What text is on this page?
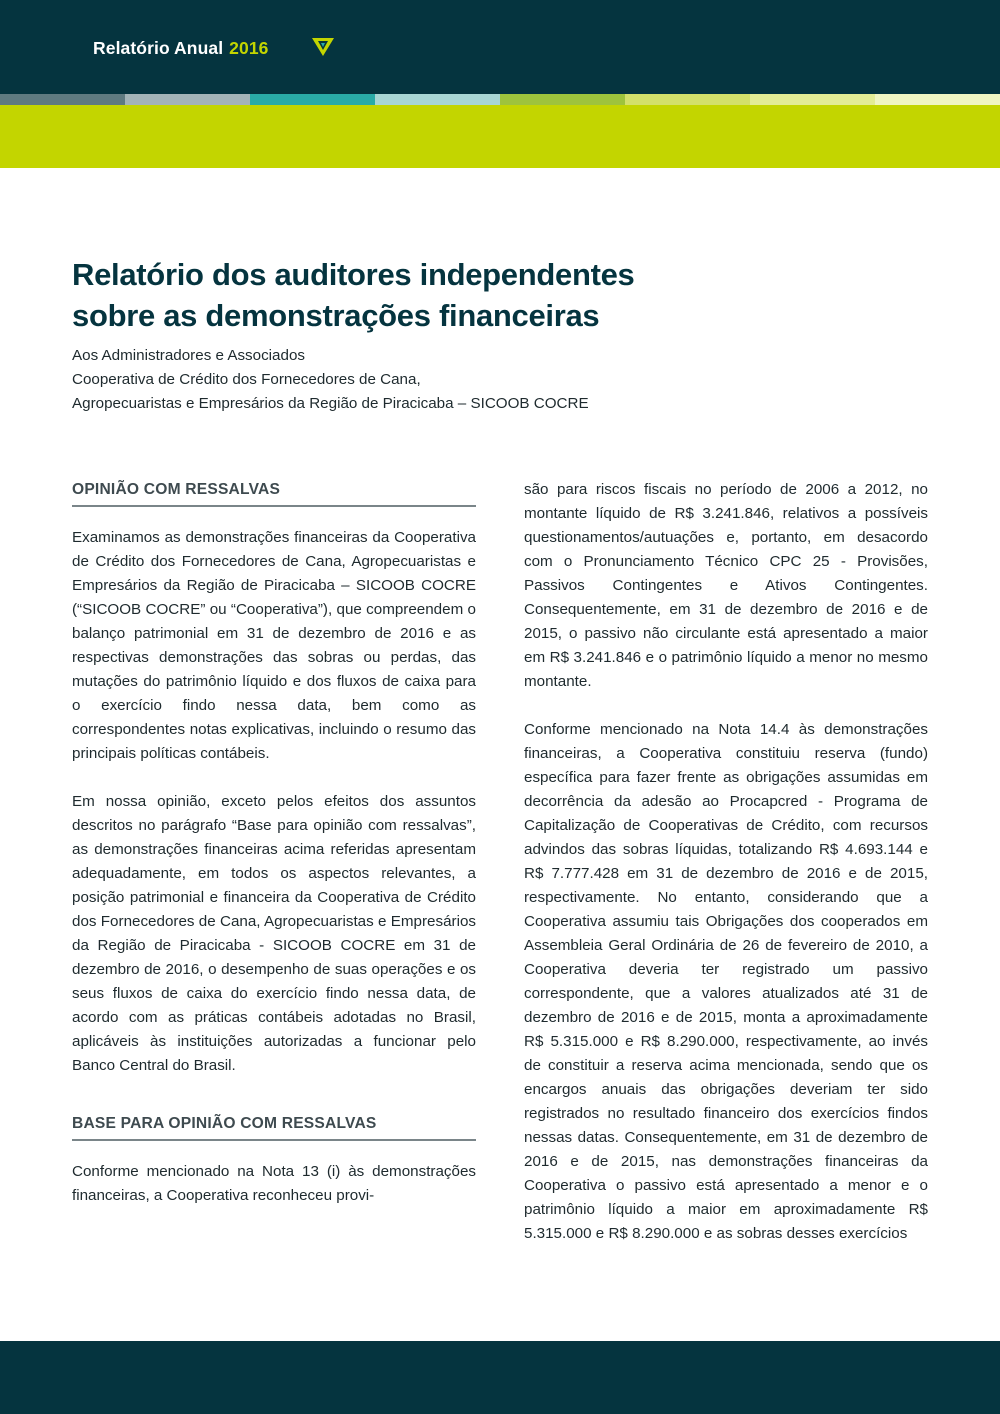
Relatório Anual 2016
Relatório dos auditores independentes
sobre as demonstrações financeiras
Aos Administradores e Associados
Cooperativa de Crédito dos Fornecedores de Cana,
Agropecuaristas e Empresários da Região de Piracicaba – SICOOB COCRE
OPINIÃO COM RESSALVAS

Examinamos as demonstrações financeiras da Cooperativa de Crédito dos Fornecedores de Cana, Agropecuaristas e Empresários da Região de Piracicaba – SICOOB COCRE (“SICOOB COCRE” ou “Cooperativa”), que compreendem o balanço patrimonial em 31 de dezembro de 2016 e as respectivas demonstrações das sobras ou perdas, das mutações do patrimônio líquido e dos fluxos de caixa para o exercício findo nessa data, bem como as correspondentes notas explicativas, incluindo o resumo das principais políticas contábeis.

Em nossa opinião, exceto pelos efeitos dos assuntos descritos no parágrafo “Base para opinião com ressalvas”, as demonstrações financeiras acima referidas apresentam adequadamente, em todos os aspectos relevantes, a posição patrimonial e financeira da Cooperativa de Crédito dos Fornecedores de Cana, Agropecuaristas e Empresários da Região de Piracicaba - SICOOB COCRE em 31 de dezembro de 2016, o desempenho de suas operações e os seus fluxos de caixa do exercício findo nessa data, de acordo com as práticas contábeis adotadas no Brasil, aplicáveis às instituições autorizadas a funcionar pelo Banco Central do Brasil.

BASE PARA OPINIÃO COM RESSALVAS

Conforme mencionado na Nota 13 (i) às demonstrações financeiras, a Cooperativa reconheceu provi-

são para riscos fiscais no período de 2006 a 2012, no montante líquido de R$ 3.241.846, relativos a possíveis questionamentos/autuações e, portanto, em desacordo com o Pronunciamento Técnico CPC 25 - Provisões, Passivos Contingentes e Ativos Contingentes. Consequentemente, em 31 de dezembro de 2016 e de 2015, o passivo não circulante está apresentado a maior em R$ 3.241.846 e o patrimônio líquido a menor no mesmo montante.

Conforme mencionado na Nota 14.4 às demonstrações financeiras, a Cooperativa constituiu reserva (fundo) específica para fazer frente as obrigações assumidas em decorrência da adesão ao Procapcred - Programa de Capitalização de Cooperativas de Crédito, com recursos advindos das sobras líquidas, totalizando R$ 4.693.144 e R$ 7.777.428 em 31 de dezembro de 2016 e de 2015, respectivamente. No entanto, considerando que a Cooperativa assumiu tais Obrigações dos cooperados em Assembleia Geral Ordinária de 26 de fevereiro de 2010, a Cooperativa deveria ter registrado um passivo correspondente, que a valores atualizados até 31 de dezembro de 2016 e de 2015, monta a aproximadamente R$ 5.315.000 e R$ 8.290.000, respectivamente, ao invés de constituir a reserva acima mencionada, sendo que os encargos anuais das obrigações deveriam ter sido registrados no resultado financeiro dos exercícios findos nessas datas. Consequentemente, em 31 de dezembro de 2016 e de 2015, nas demonstrações financeiras da Cooperativa o passivo está apresentado a menor e o patrimônio líquido a maior em aproximadamente R$ 5.315.000 e R$ 8.290.000 e as sobras desses exercícios
